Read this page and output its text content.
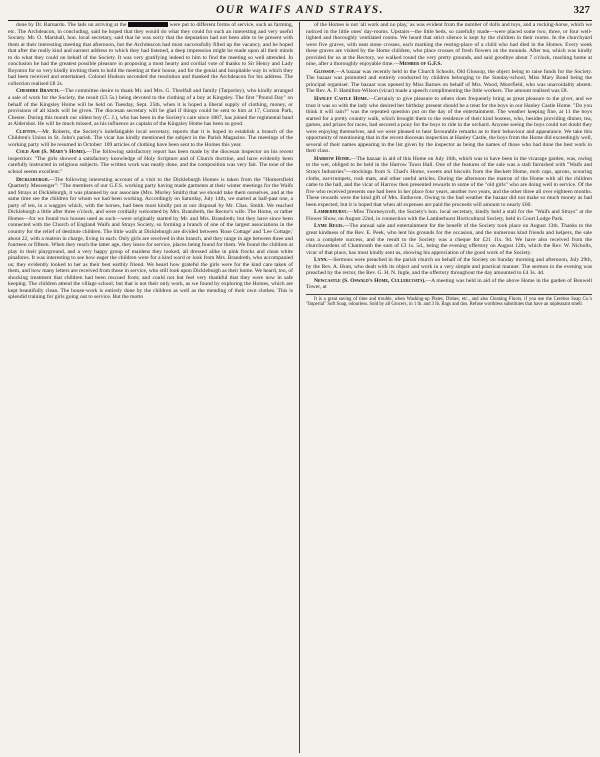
OUR WAIFS AND STRAYS.	327

done by Dr. Barnardo. The lads on arriving at the	were put to different forms of service, such as farming, etc. The Archdeacon, in concluding, said he hoped that they would do what they could for such an interesting and very useful Society. Mr. O. Marshall, hon. local secretary, said that he was sorry that the deputation had not been able to be present with them at their interesting meeting that afternoon, but the Archdeacon had most successfully filled up the vacancy, and he hoped that after the really kind and earnest address to which they had listened, a deep impression might be made upon all their minds to do what they could on behalf of the Society. It was very gratifying indeed to him to find the meeting so well attended. In conclusion he had the greatest possible pleasure in proposing a most hearty and cordial vote of thanks to Sir Henry and Lady Boynton for so very kindly inviting them to hold the meeting at their house, and for the genial and hospitable way in which they had been received and entertained. Colonel Hudson seconded the resolution and thanked the Archdeacon for his address. The collection realised £8 2s.

Cheshire Branch.—The committee desire to thank Mr. and Mrs. G. Threlfall and family (Tarporley), who kindly arranged a sale of work for the Society, the result (£3 5s.) being devoted to the clothing of a boy at Kingsley. The first "Pound Day" on behalf of the Kingsley Home will be held on Tuesday, Sept. 25th, when it is hoped a liberal supply of clothing, money, or provisions of all kinds will be given. The diocesan secretary will be glad if things could be sent to him at 17, Curzon Park, Chester. During this month our oldest boy (C. J.), who has been in the Society's care since 1887, has joined the regimental band at Aldershot. He will be much missed, as his influence as captain of the Kingsley Home has been so good.

Clifton.—Mr. Roberts, the Society's indefatigable local secretary, reports that it is hoped to establish a branch of the Children's Union in St. John's parish. The vicar has kindly mentioned the subject in the Parish Magazine. The meetings of the working party will be resumed in October: 109 articles of clothing have been sent to the Homes this year.

Cold Ash (S. Mary's Home).—The following satisfactory report has been made by the diocesan inspector on his recent inspection: "The girls showed a satisfactory knowledge of Holy Scripture and of Church doctrine, and have evidently been carefully instructed in religious subjects. The written work was neatly done, and the composition was very fair. The tone of the school seems excellent."

Dickleburgh.—The following interesting account of a visit to the Dickleburgh Homes is taken from the "Homersfield Quarterly Messenger": "The members of our G.F.S. working party having made garments at their winter meetings for the Waifs and Strays at Dickleburgh, it was planned by our associate (Mrs. Morley Smith) that we should take them ourselves, and at the same time see the children for whom we had been working. Accordingly on Saturday, July 14th, we started at half-past one, a party of ten, in a waggon which, with the horses, had been most kindly put at our disposal by Mr. Chas. Smith. We reached Dickleburgh a little after three o'clock, and were cordially welcomed by Mrs. Brandreth, the Rector's wife. The Home, or rather Homes—for we found two houses used as such—were originally started by Mr. and Mrs. Brandreth; but they have since been connected with the Church of England Waifs and Strays Society, so forming a branch of one of the largest associations in the country for the relief of destitute children. The little waifs at Dickleburgh are divided between 'Rose Cottage' and 'Lee Cottage,' about 22, with a matron in charge, living in each. Only girls are received in this branch, and they range in age between three and fourteen or fifteen. When they reach the latter age, they leave for service, places being found for them. We found the children at play in their playground, and a very happy group of maidens they looked, all dressed alike in pink frocks and clean white pinafores. It was interesting to see how eager the children were for a kind word or look from Mrs. Brandreth, who accompanied us; they evidently looked to her as their best earthly friend. We heard how grateful the girls were for the kind care taken of them, and how many letters are received from those in service, who still look upon Dickleburgh as their home. We heard, too, of shocking treatment that children had been rescued from; and could not but feel very thankful that they were now in safe keeping. The children attend the village school; but that is not their only work, as we found by exploring the Homes, which are kept beautifully clean. The house-work is entirely done by the children as well as the mending of their own clothes. This is splendid training for girls going out to service. But the motto

of the Homes is not 'all work and no play,' as was evident from the number of dolls and toys, and a rocking-horse, which we noticed in the little ones' day-rooms. Upstairs—the little beds, so carefully made—were placed some two, three, or four well-lighted and thoroughly ventilated rooms. We heard that strict silence is kept by the children in their rooms. In the churchyard were five graves, with neat stone crosses, each marking the resting-place of a child who had died in the Homes. Every week these graves are visited by the Home children, who place crosses of fresh flowers on the mounds. After tea, which was kindly provided for us at the Rectory, we walked round the very pretty grounds, and said goodbye about 7 o'clock, reaching home at nine, after a thoroughly enjoyable time.—Member of G.F.S.

Glossop.—A bazaar was recently held in the Church Schools, Old Glossop, the object being to raise funds for the Society. The bazaar was promoted and entirely conducted by children belonging to the Sunday-school, Miss Mary Bond being the principal organiser. The bazaar was opened by Miss Barnes on behalf of Mrs. Wood, Moorfield, who was unavoidably absent. The Rev. A. F. Hamilton-Wilson (vicar) made a speech complimenting the little workers. The amount realised was £8.

Hanley Castle Home.—Certainly to give pleasure to others does frequently bring as great pleasure to the giver, and we trust it was so with the lady who desired her birthday present should be a treat for the boys in our Hanley Castle Home. "Do you think it will rain?" was the repeated question put on the day of the entertainment. The weather keeping fine, at 11 the boys started for a pretty country walk, which brought them to the residence of their kind hostess, who, besides providing dinner, tea, games, and prizes for races, had secured a pony for the boys to ride in the orchard. Anyone seeing the boys could not doubt they were enjoying themselves, and we were pleased to hear favourable remarks as to their behaviour and appearance. We take this opportunity of mentioning that in the recent diocesan inspection at Hanley Castle, the boys from the Home did exceedingly well, several of their names appearing in the list given by the inspector as being the names of those who had done the best work in their class.

Harrow Home.—The bazaar in aid of this Home on July 16th, which was to have been in the vicarage garden, was, owing to the wet, obliged to be held in the Harrow Town Hall. One of the features of the sale was a stall furnished with "Waifs and Strays Industries"—stockings from S. Chad's Home, sweets and biscuits from the Beckett Home, mob caps, aprons, scouring cloths, ear-trumpets, rush mats, and other useful articles. During the afternoon the matron of the Home with all the children came to the hall, and the vicar of Harrow then presented rewards to some of the "old girls" who are doing well in service. Of the five who received presents one had been in her place four years, another two years, and the other three all over eighteen months. These rewards were the kind gift of Mrs. Enthoven. Owing to the bad weather the bazaar did not make so much money as had been expected, but it is hoped that when all expenses are paid the proceeds will amount to nearly £60.

Lamberhurst.—Miss Thorneycroft, the Society's hon. local secretary, kindly held a stall for the "Waifs and Strays" at the Flower Show, on August 22nd, in connection with the Lamberhurst Horticultural Society, held in Court Lodge Park.

Lyme Regis.—The annual sale and entertainment for the benefit of the Society took place on August 13th. Thanks to the great kindness of the Rev. E. Peek, who lent his grounds for the occasion, and the numerous kind friends and helpers, the sale was a complete success, and the result to the Society was a cheque for £21 11s. 9d. We have also received from the churchwardens of Charmouth the sum of £3 1s. 5d., being the evening offertory on August 12th, which the Rev. W. Nicholls, vicar of that place, has most kindly sent us, showing his appreciation of the good work of the Society.

Lynn.—Sermons were preached in the parish church on behalf of the Society on Sunday morning and afternoon, July 29th, by the Rev. A. Hunt, who dealt with its object and work in a very simple and practical manner. The sermon in the evening was preached by the rector, the Rev. G. H. N. Ingle, and the offertory throughout the day amounted to £4 3s. 4d.

Newcastle (S. Oswald's Home, Cullercoats).—A meeting was held in aid of the above Home in the garden of Benwell Tower, at

It is a great saving of time and trouble, when Washing-up Plates, Dishes, etc., and also Cleaning Floors, if you use the Cerebos Soap Co.'s "Imperial" Soft Soap, odourless. Sold by all Grocers, in 1 lb. and 3 lb. Bags and tins. Refuse worthless substitutes that have an unpleasant smell.
